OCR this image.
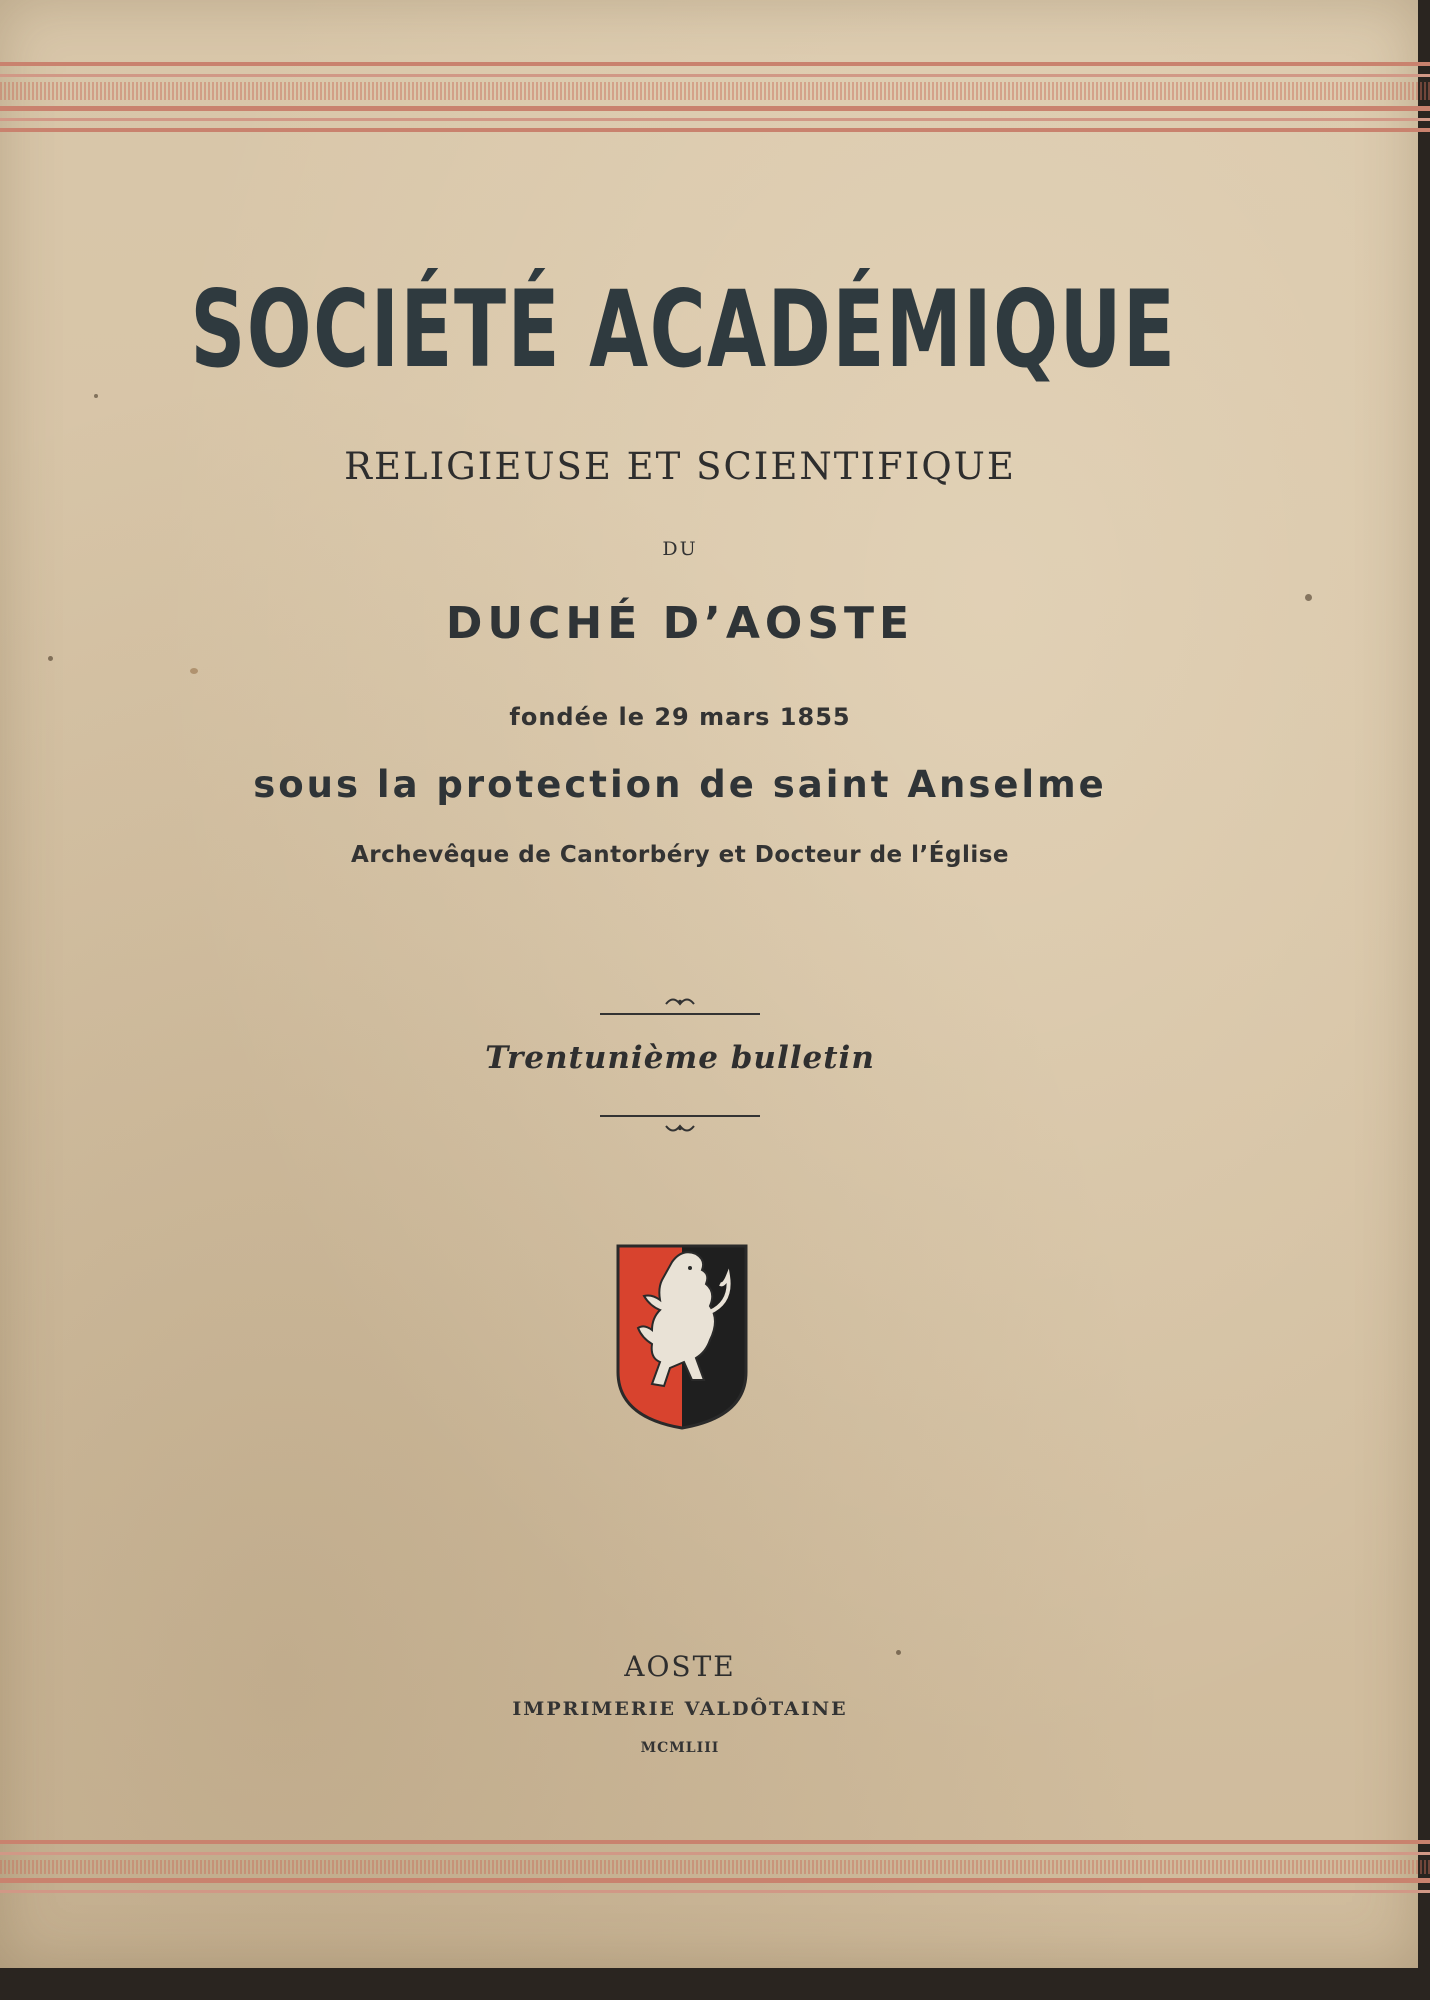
SOCIÉTÉ ACADÉMIQUE
RELIGIEUSE ET SCIENTIFIQUE
DU
DUCHÉ D’AOSTE
fondée le 29 mars 1855
sous la protection de saint Anselme
Archevêque de Cantorbéry et Docteur de l’Église
Trentunième bulletin
AOSTE
IMPRIMERIE VALDÔTAINE
MCMLIII
